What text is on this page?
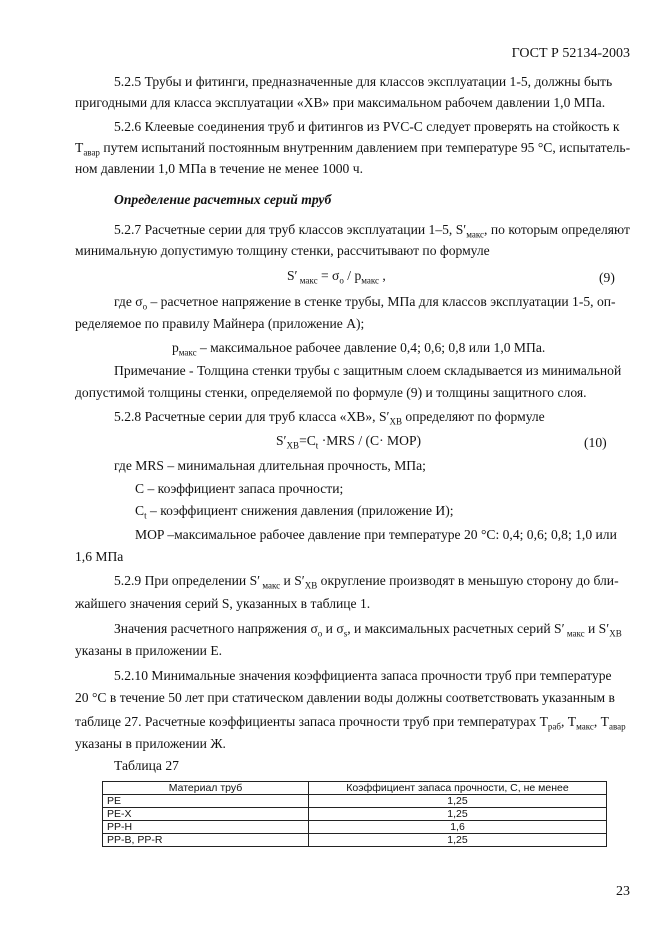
ГОСТ Р 52134-2003
5.2.5 Трубы и фитинги, предназначенные для классов эксплуатации 1-5, должны быть
пригодными для класса эксплуатации «ХВ» при максимальном рабочем давлении 1,0 МПа.
5.2.6 Клеевые соединения труб и фитингов из PVC-C следует проверять на стойкость к
$T_{авар}$ путем испытаний постоянным внутренним давлением при температуре 95 °С, испытатель-
ном давлении 1,0 МПа в течение не менее 1000 ч.
Определение расчетных серий труб
5.2.7 Расчетные серии для труб классов эксплуатации 1–5, $S'_{макс}$, по которым определяют
минимальную допустимую толщину стенки, рассчитывают по формуле
S′ $_{макс} = \sigma_o / p_{макс}$ ,	(9)
где $\sigma_o$ – расчетное напряжение в стенке трубы, МПа для классов эксплуатации 1-5, оп-
ределяемое по правилу Майнера (приложение А);
$p_{макс}$ – максимальное рабочее давление 0,4; 0,6; 0,8 или 1,0 МПа.
Примечание - Толщина стенки трубы с защитным слоем складывается из минимальной
допустимой толщины стенки, определяемой по формуле (9) и толщины защитного слоя.
5.2.8 Расчетные серии для труб класса «ХВ», $S'_{ХВ}$ определяют по формуле
$S'_{ХВ}=C_t \cdot MRS / (C\cdot MOP)$	(10)
где MRS – минимальная длительная прочность, МПа;
C – коэффициент запаса прочности;
$C_t$ – коэффициент снижения давления (приложение И);
MOP –максимальное рабочее давление при температуре 20 °С: 0,4; 0,6; 0,8; 1,0 или
1,6 МПа
5.2.9 При определении S′ $_{макс}$ и $S'_{ХВ}$ округление производят в меньшую сторону до бли-
жайшего значения серий S, указанных в таблице 1.
Значения расчетного напряжения $\sigma_o$ и $\sigma_s$, и максимальных расчетных серий S′ $_{макс}$ и $S'_{ХВ}$
указаны в приложении Е.
5.2.10 Минимальные значения коэффициента запаса прочности труб при температуре
20 °С в течение 50 лет при статическом давлении воды должны соответствовать указанным в
таблице 27. Расчетные коэффициенты запаса прочности труб при температурах $T_{раб}$, $T_{макс}$, $T_{авар}$
указаны в приложении Ж.
Таблица 27
Материал труб	Коэффициент запаса прочности, С, не менее
PE	1,25
PE-X	1,25
PP-H	1,6
PP-B, PP-R	1,25
23
